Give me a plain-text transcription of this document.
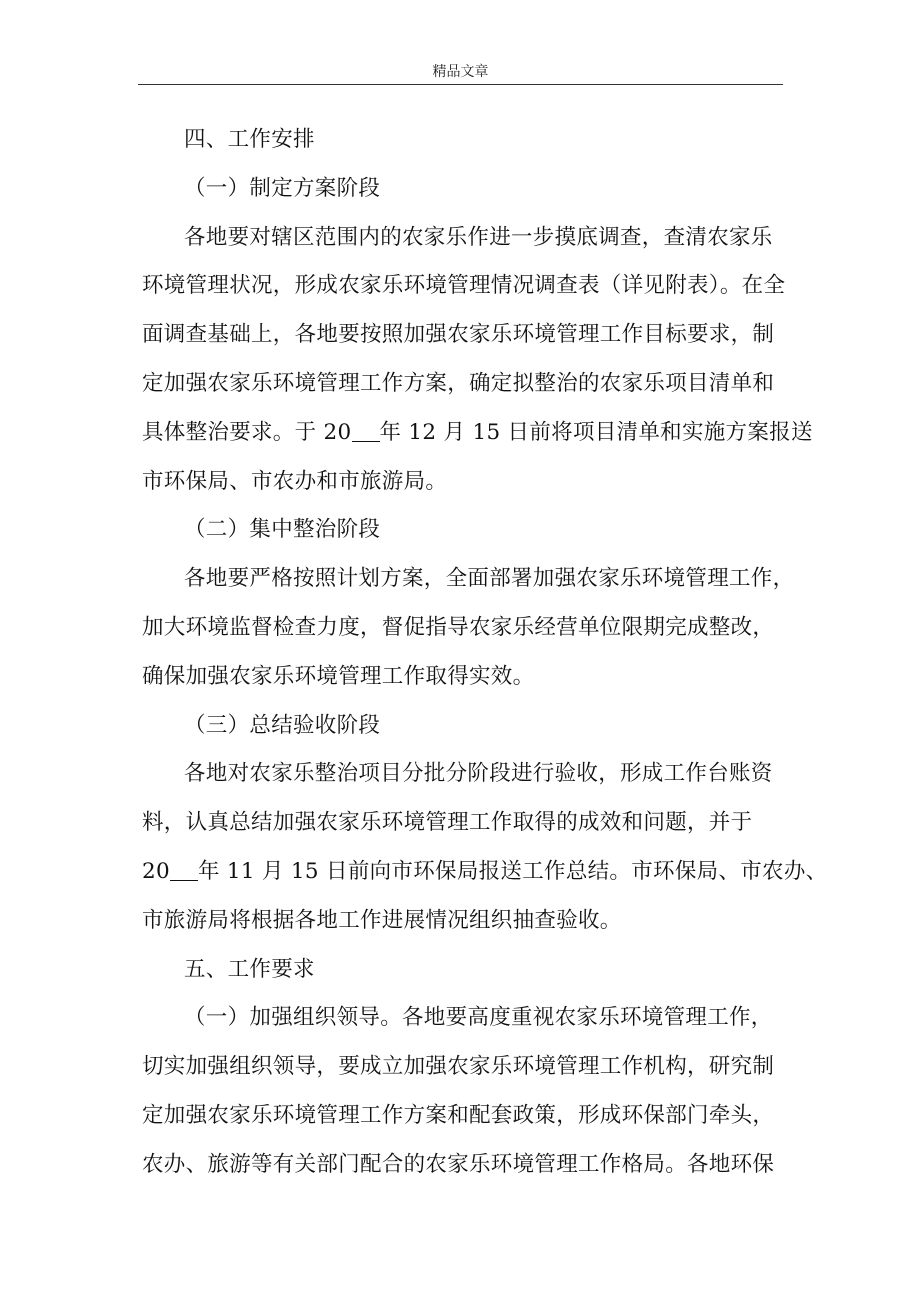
精品文章
四、工作安排
（一）制定方案阶段
各地要对辖区范围内的农家乐作进一步摸底调查，查清农家乐
环境管理状况，形成农家乐环境管理情况调查表（详见附表）。在全
面调查基础上，各地要按照加强农家乐环境管理工作目标要求，制
定加强农家乐环境管理工作方案，确定拟整治的农家乐项目清单和
具体整治要求。于 20 年 12 月 15 日前将项目清单和实施方案报送
市环保局、市农办和市旅游局。
（二）集中整治阶段
各地要严格按照计划方案，全面部署加强农家乐环境管理工作，
加大环境监督检查力度，督促指导农家乐经营单位限期完成整改，
确保加强农家乐环境管理工作取得实效。
（三）总结验收阶段
各地对农家乐整治项目分批分阶段进行验收，形成工作台账资
料，认真总结加强农家乐环境管理工作取得的成效和问题，并于
20 年 11 月 15 日前向市环保局报送工作总结。市环保局、市农办、
市旅游局将根据各地工作进展情况组织抽查验收。
五、工作要求
（一）加强组织领导。各地要高度重视农家乐环境管理工作，
切实加强组织领导，要成立加强农家乐环境管理工作机构，研究制
定加强农家乐环境管理工作方案和配套政策，形成环保部门牵头，
农办、旅游等有关部门配合的农家乐环境管理工作格局。各地环保
